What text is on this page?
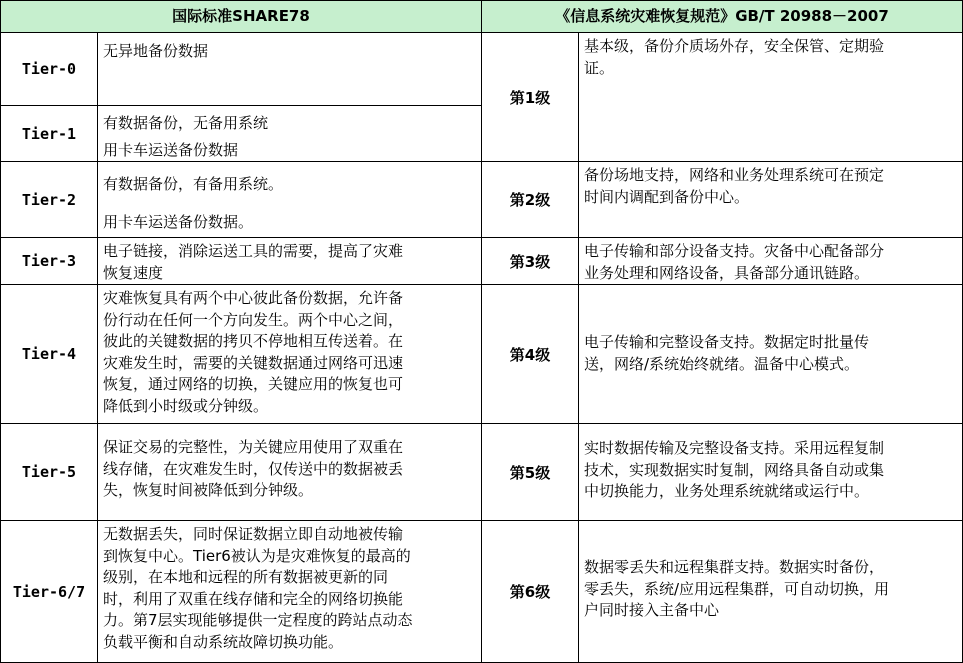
国际标准SHARE78	《信息系统灾难恢复规范》GB/T 20988－2007
Tier-0
Tier-1
Tier-2
Tier-3
Tier-4
Tier-5
Tier-6/7
无异地备份数据
有数据备份，无备用系统
用卡车运送备份数据
有数据备份，有备用系统。

用卡车运送备份数据。
电子链接，消除运送工具的需要，提高了灾难
恢复速度
灾难恢复具有两个中心彼此备份数据，允许备
份行动在任何一个方向发生。两个中心之间，
彼此的关键数据的拷贝不停地相互传送着。在
灾难发生时，需要的关键数据通过网络可迅速
恢复，通过网络的切换，关键应用的恢复也可
降低到小时级或分钟级。
保证交易的完整性，为关键应用使用了双重在
线存储，在灾难发生时，仅传送中的数据被丢
失，恢复时间被降低到分钟级。
无数据丢失，同时保证数据立即自动地被传输
到恢复中心。Tier6被认为是灾难恢复的最高的
级别，在本地和远程的所有数据被更新的同
时，利用了双重在线存储和完全的网络切换能
力。第7层实现能够提供一定程度的跨站点动态
负载平衡和自动系统故障切换功能。
第1级
第2级
第3级
第4级
第5级
第6级
基本级，备份介质场外存，安全保管、定期验
证。
备份场地支持，网络和业务处理系统可在预定
时间内调配到备份中心。
电子传输和部分设备支持。灾备中心配备部分
业务处理和网络设备，具备部分通讯链路。
电子传输和完整设备支持。数据定时批量传
送，网络/系统始终就绪。温备中心模式。
实时数据传输及完整设备支持。采用远程复制
技术，实现数据实时复制，网络具备自动或集
中切换能力，业务处理系统就绪或运行中。
数据零丢失和远程集群支持。数据实时备份，
零丢失，系统/应用远程集群，可自动切换，用
户同时接入主备中心
